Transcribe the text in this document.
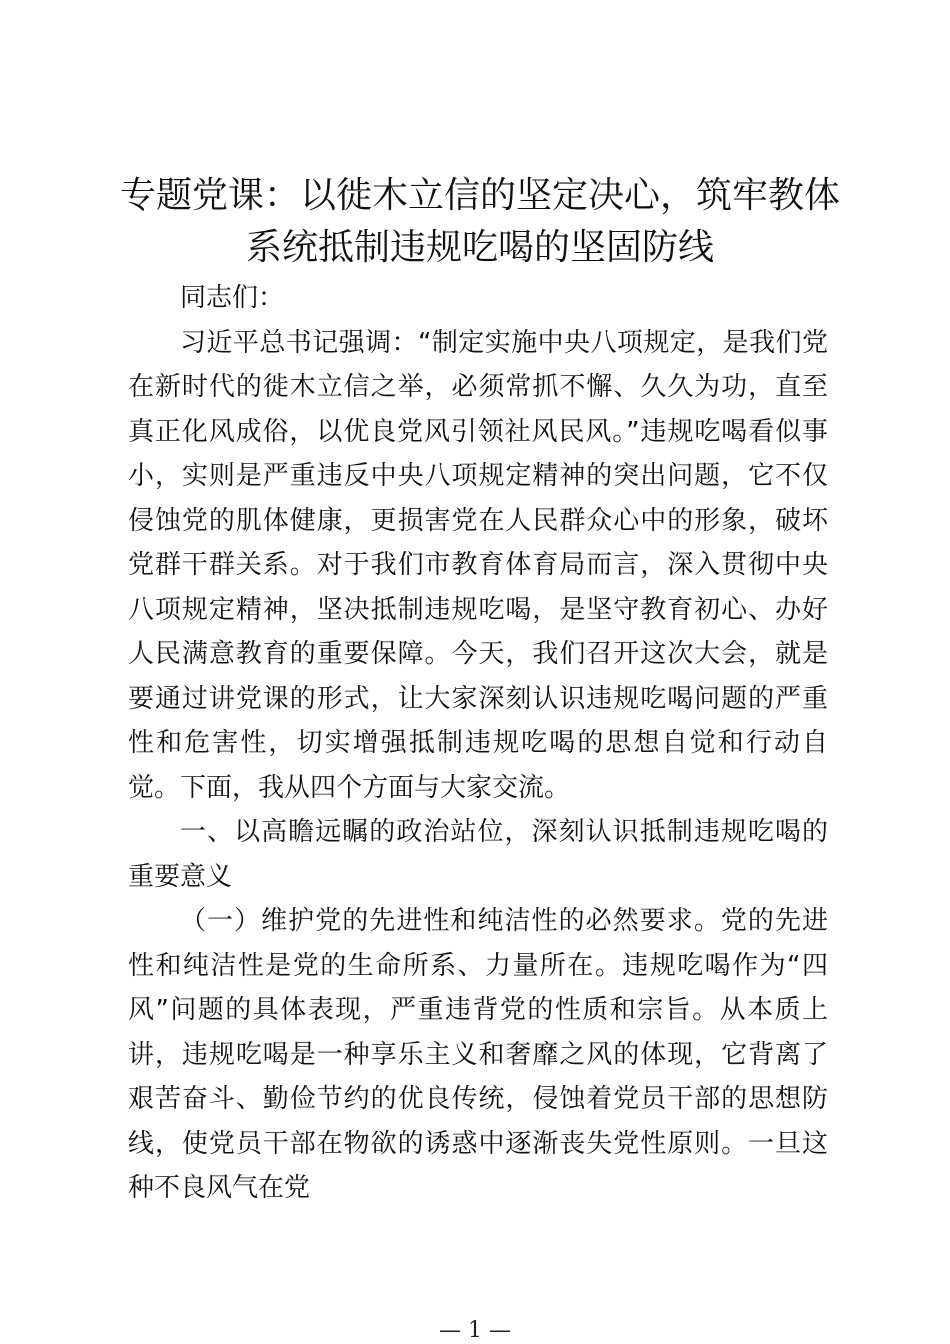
专题党课：以徙木立信的坚定决心，筑牢教体
系统抵制违规吃喝的坚固防线

同志们：

习近平总书记强调：“制定实施中央八项规定，是我们党在新时代的徙木立信之举，必须常抓不懈、久久为功，直至真正化风成俗，以优良党风引领社风民风。”违规吃喝看似事小，实则是严重违反中央八项规定精神的突出问题，它不仅侵蚀党的肌体健康，更损害党在人民群众心中的形象，破坏党群干群关系。对于我们市教育体育局而言，深入贯彻中央八项规定精神，坚决抵制违规吃喝，是坚守教育初心、办好人民满意教育的重要保障。今天，我们召开这次大会，就是要通过讲党课的形式，让大家深刻认识违规吃喝问题的严重性和危害性，切实增强抵制违规吃喝的思想自觉和行动自觉。下面，我从四个方面与大家交流。

一、以高瞻远瞩的政治站位，深刻认识抵制违规吃喝的重要意义

（一）维护党的先进性和纯洁性的必然要求。党的先进性和纯洁性是党的生命所系、力量所在。违规吃喝作为“四风”问题的具体表现，严重违背党的性质和宗旨。从本质上讲，违规吃喝是一种享乐主义和奢靡之风的体现，它背离了艰苦奋斗、勤俭节约的优良传统，侵蚀着党员干部的思想防线，使党员干部在物欲的诱惑中逐渐丧失党性原则。一旦这种不良风气在党

— 1 —
